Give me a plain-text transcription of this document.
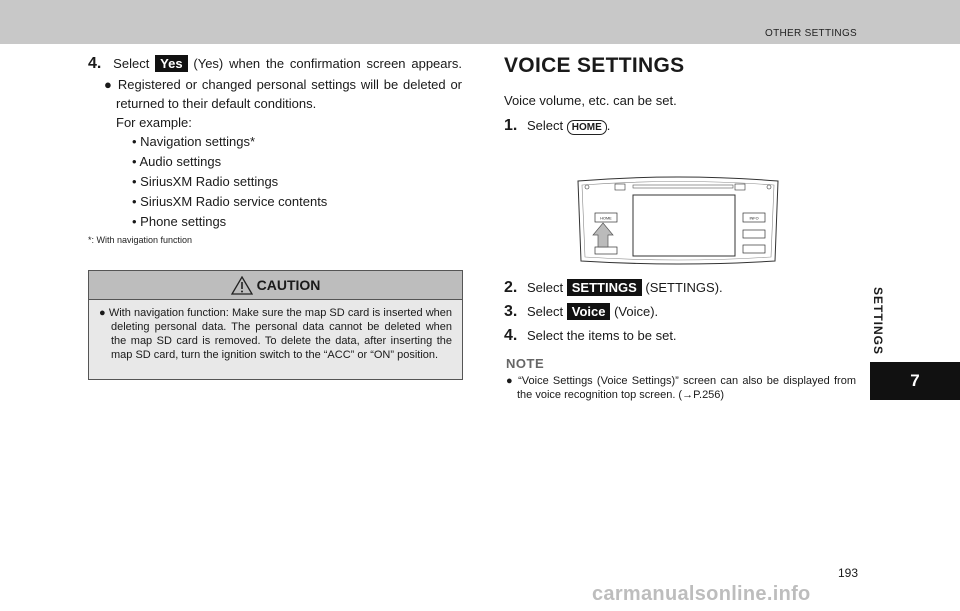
OTHER SETTINGS
SETTINGS
7
4. Select Yes (Yes) when the confirmation screen appears.
● Registered or changed personal settings will be deleted or returned to their default conditions.
For example:
• Navigation settings*
• Audio settings
• SiriusXM Radio settings
• SiriusXM Radio service contents
• Phone settings
*: With navigation function
CAUTION
● With navigation function: Make sure the map SD card is inserted when deleting personal data. The personal data cannot be deleted when the map SD card is removed. To delete the data, after inserting the map SD card, turn the ignition switch to the “ACC” or “ON” position.
VOICE SETTINGS
Voice volume, etc. can be set.
1. Select HOME .
2. Select SETTINGS (SETTINGS).
3. Select Voice (Voice).
4. Select the items to be set.
NOTE
● “Voice Settings (Voice Settings)” screen can also be displayed from the voice recognition top screen. (→P.256)
HOME	INFO
193
carmanualsonline.info
